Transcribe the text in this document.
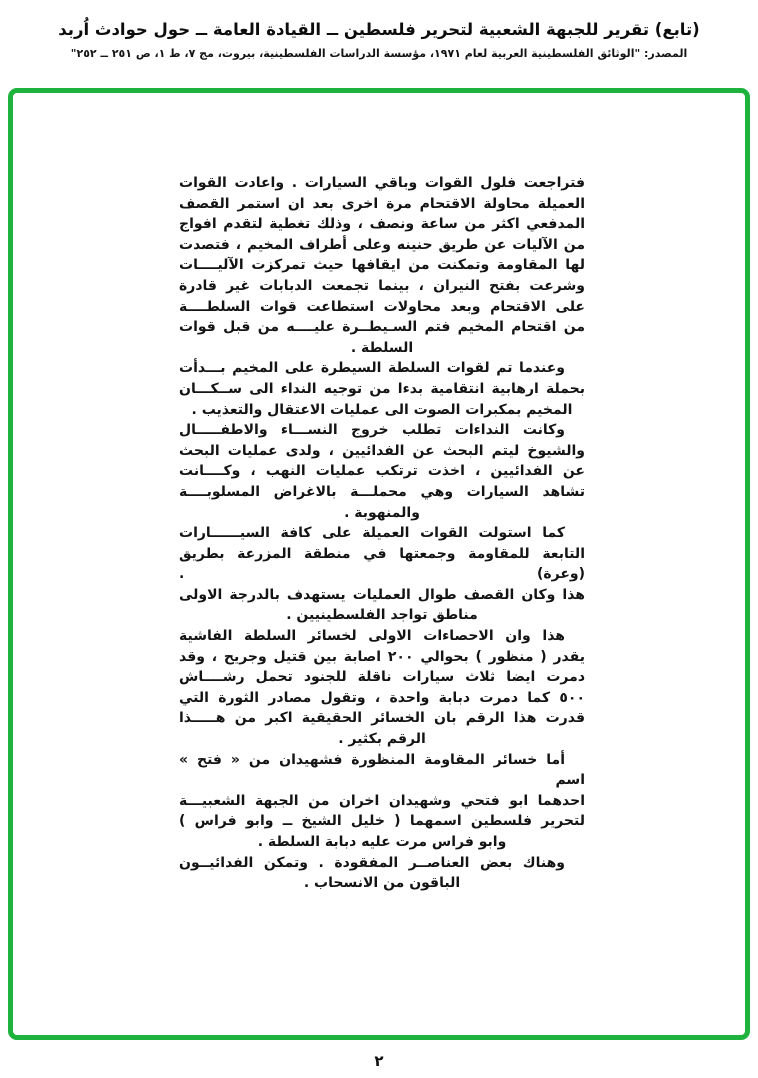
(تابع) تقرير للجبهة الشعبية لتحرير فلسطين ــ القيادة العامة ــ حول حوادث اُربد
المصدر: "الوثائق الفلسطينية العربية لعام ١٩٧١، مؤسسة الدراسات الفلسطينية، بيروت، مج ٧، ط ١، ص ٢٥١ ــ ٢٥٢"
فتراجعت فلول القوات وباقي السيارات . واعادت القوات
العميلة محاولة الاقتحام مرة اخرى بعد ان استمر القصف
المدفعي اكثر من ساعة ونصف ، وذلك تغطية لتقدم افواج
من الآليات عن طريق حنينه وعلى أطراف المخيم ، فتصدت
لها المقاومة وتمكنت من ايقافها حيث تمركزت الآليــــات
وشرعت بفتح النيران ، بينما تجمعت الدبابات غير قادرة
على الاقتحام وبعد محاولات استطاعت قوات السلطــــة
من اقتحام المخيم فتم السـيطــرة عليــــه من قبل قوات
السلطة .
وعندما تم لقوات السلطة السيطرة على المخيم بـــدأت
بحملة ارهابية انتقامية بدءا من توجيه النداء الى ســكـــان
المخيم بمكبرات الصوت الى عمليات الاعتقال والتعذيب .
وكانت النداءات تطلب خروج النســـاء والاطفـــــال
والشيوخ ليتم البحث عن الفدائيين ، ولدى عمليات البحث
عن الفدائيين ، اخذت ترتكب عمليات النهب ، وكــــانت
تشاهد السيارات وهي محملـــة بالاغراض المسلوبــــة
والمنهوبة .
كما استولت القوات العميلة على كافة السيــــــارات
التابعة للمقاومة وجمعتها في منطقة المزرعة بطريق (وعرة) .
هذا وكان القصف طوال العمليات يستهدف بالدرجة الاولى
مناطق تواجد الفلسطينيين .
هذا وان الاحصاءات الاولى لخسائر السلطة الفاشية
يقدر ( منظور ) بحوالي ٢٠٠ اصابة بين قتيل وجريح ، وقد
دمرت ايضا ثلاث سيارات ناقلة للجنود تحمل رشــــاش
٥٠٠ كما دمرت دبابة واحدة ، وتقول مصادر الثورة التي
قدرت هذا الرقم بان الخسائر الحقيقية اكبر من هـــــذا
الرقم بكثير .
أما خسائر المقاومة المنظورة فشهيدان من « فتح » اسم
احدهما ابو فتحي وشهيدان اخران من الجبهة الشعبيـــة
لتحرير فلسطين اسمهما ( خليل الشيخ ــ وابو فراس )
وابو فراس مرت عليه دبابة السلطة .
وهناك بعض العناصــر المفقودة . وتمكن الفدائيــون
الباقون من الانسحاب .
٢
